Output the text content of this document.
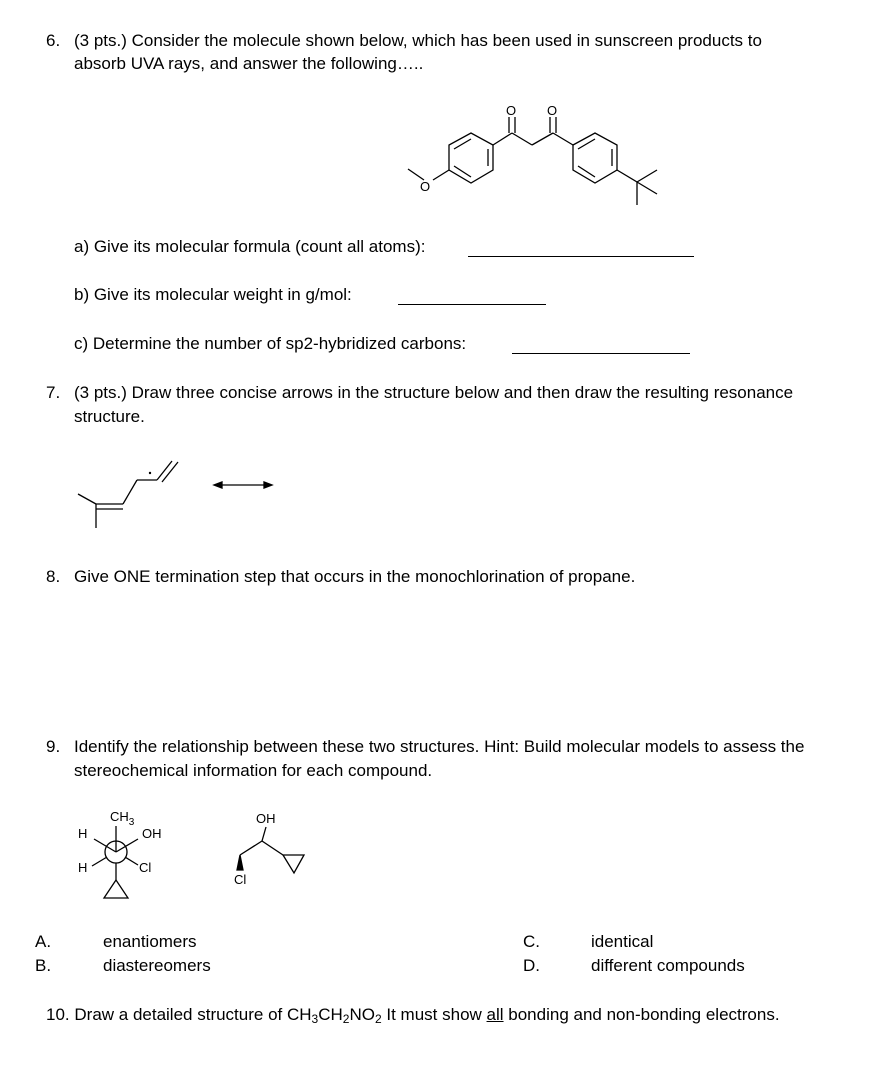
6. (3 pts.) Consider the molecule shown below, which has been used in sunscreen products to
absorb UVA rays, and answer the following…..
O
O O
a) Give its molecular formula (count all atoms):
b) Give its molecular weight in g/mol:
c) Determine the number of sp2-hybridized carbons:
7. (3 pts.) Draw three concise arrows in the structure below and then draw the resulting resonance
structure.
8. Give ONE termination step that occurs in the monochlorination of propane.
9. Identify the relationship between these two structures. Hint: Build molecular models to assess the
stereochemical information for each compound.
$CH_3$
OH
H
H	Cl
OH
Cl
A.	enantiomers
B.	diastereomers
C.	identical
D.	different compounds
10. Draw a detailed structure of $CH_3CH_2NO_2$ It must show all bonding and non-bonding electrons.
